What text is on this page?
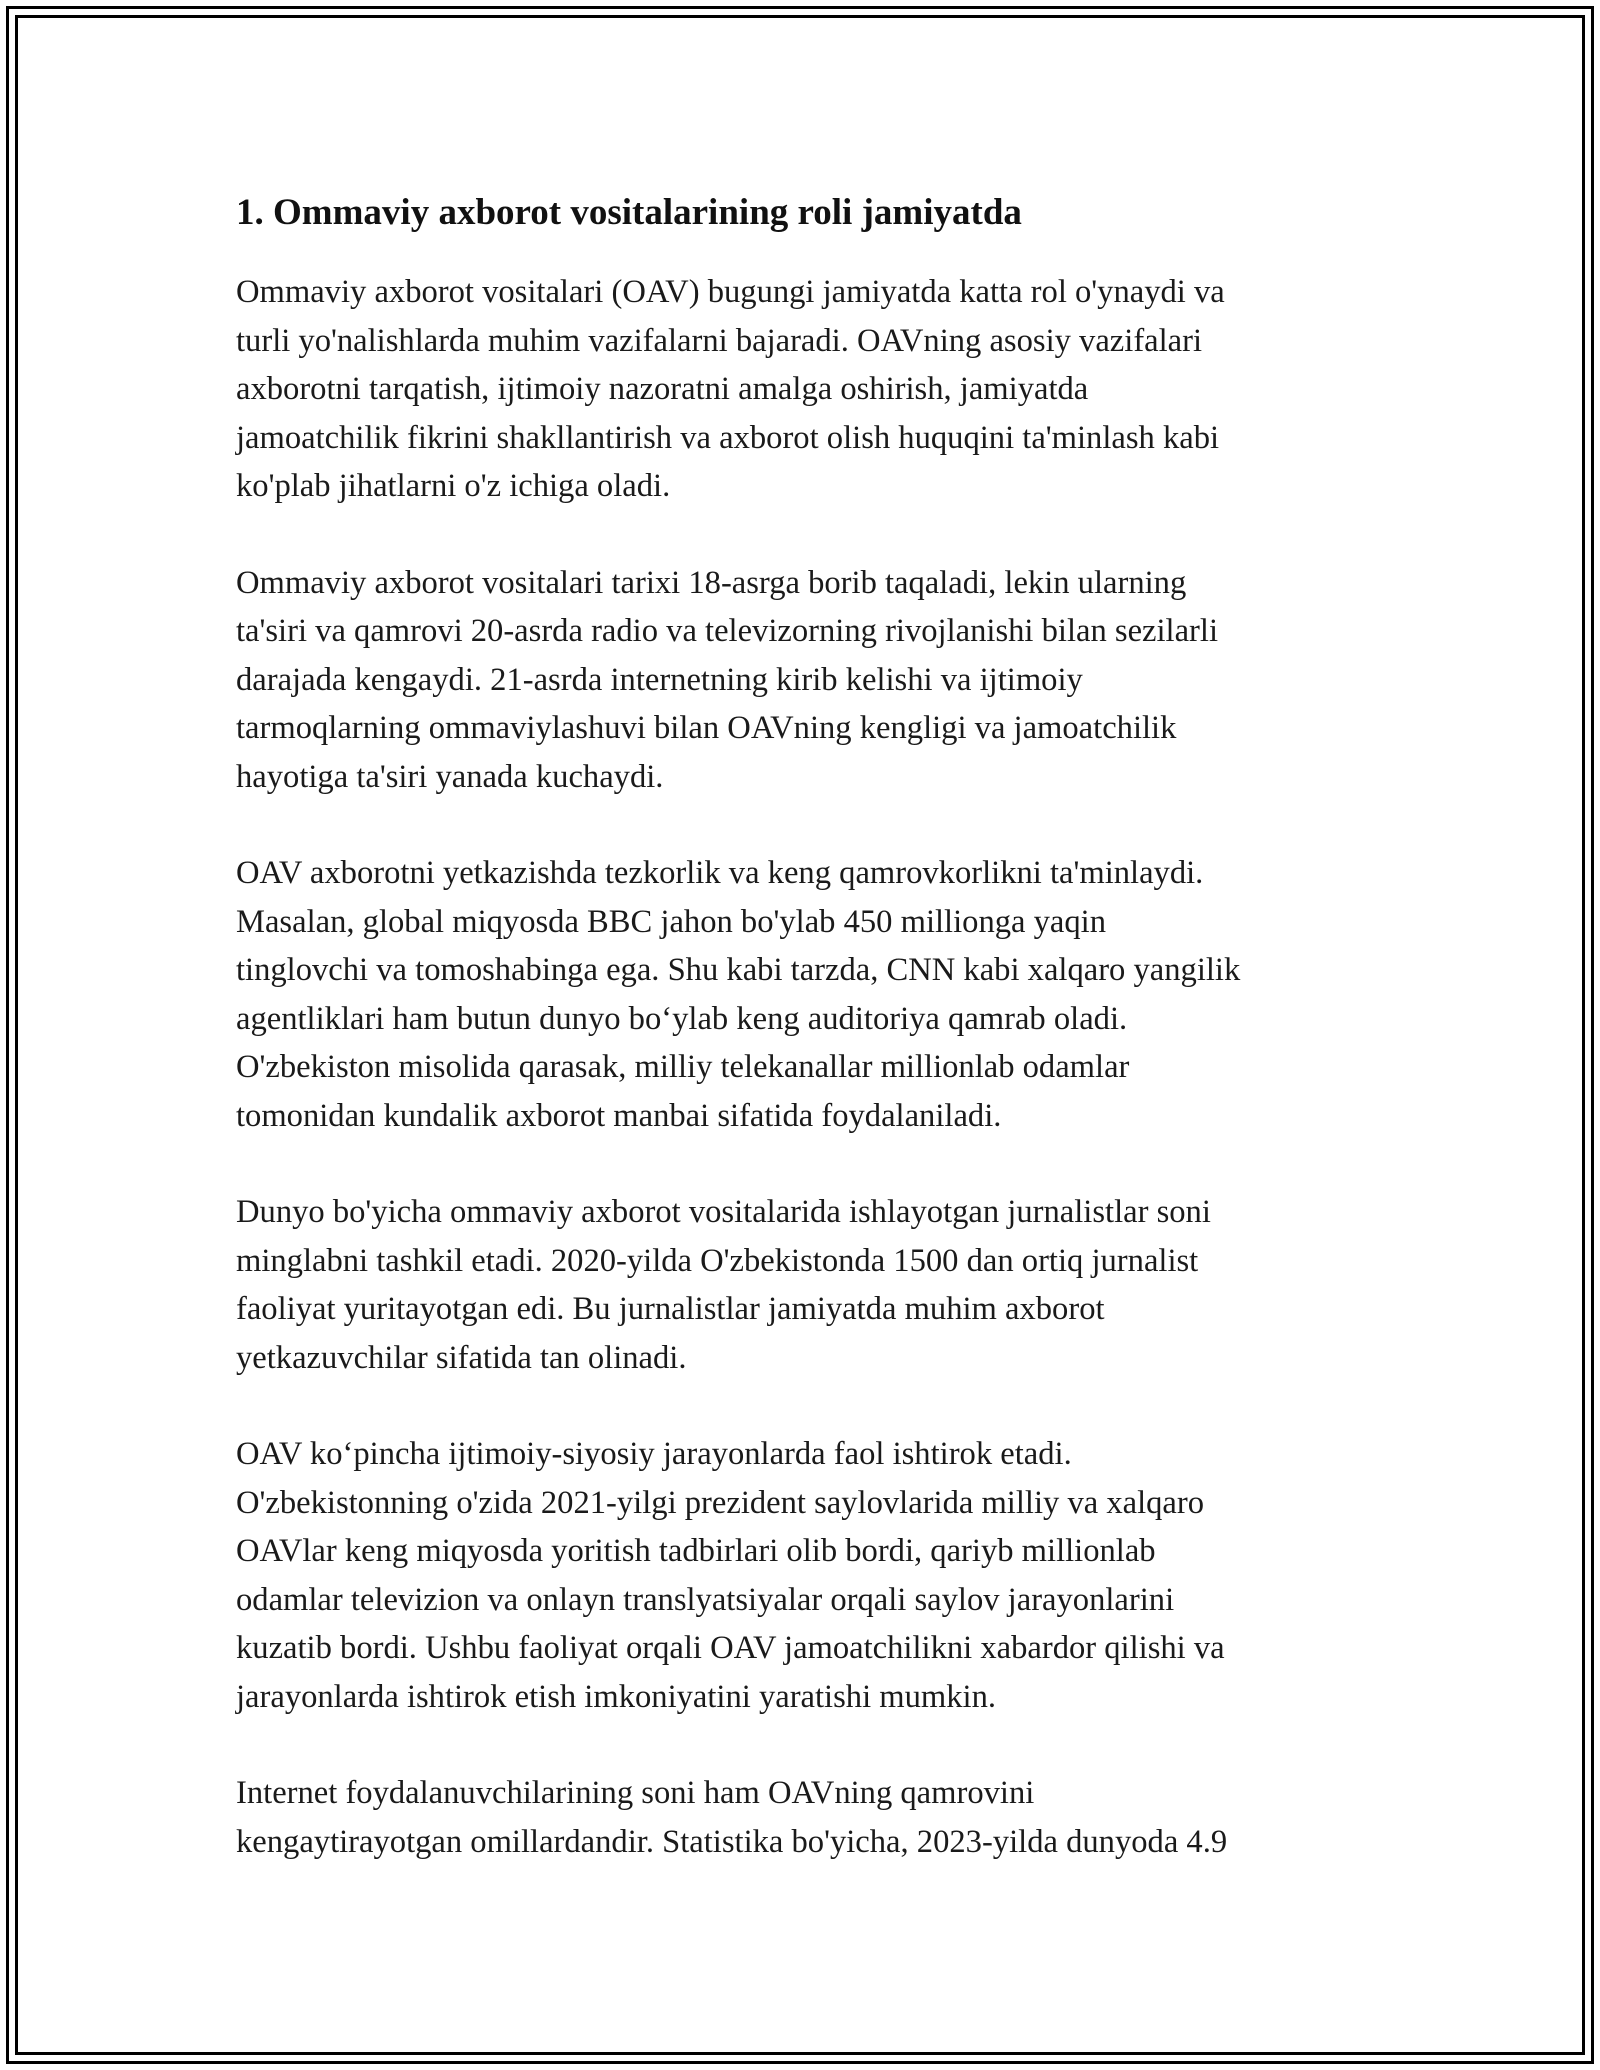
1. Ommaviy axborot vositalarining roli jamiyatda

Ommaviy axborot vositalari (OAV) bugungi jamiyatda katta rol o'ynaydi va
turli yo'nalishlarda muhim vazifalarni bajaradi. OAVning asosiy vazifalari
axborotni tarqatish, ijtimoiy nazoratni amalga oshirish, jamiyatda
jamoatchilik fikrini shakllantirish va axborot olish huquqini ta'minlash kabi
ko'plab jihatlarni o'z ichiga oladi.

Ommaviy axborot vositalari tarixi 18-asrga borib taqaladi, lekin ularning
ta'siri va qamrovi 20-asrda radio va televizorning rivojlanishi bilan sezilarli
darajada kengaydi. 21-asrda internetning kirib kelishi va ijtimoiy
tarmoqlarning ommaviylashuvi bilan OAVning kengligi va jamoatchilik
hayotiga ta'siri yanada kuchaydi.

OAV axborotni yetkazishda tezkorlik va keng qamrovkorlikni ta'minlaydi.
Masalan, global miqyosda BBC jahon bo'ylab 450 millionga yaqin
tinglovchi va tomoshabinga ega. Shu kabi tarzda, CNN kabi xalqaro yangilik
agentliklari ham butun dunyo bo‘ylab keng auditoriya qamrab oladi.
O'zbekiston misolida qarasak, milliy telekanallar millionlab odamlar
tomonidan kundalik axborot manbai sifatida foydalaniladi.

Dunyo bo'yicha ommaviy axborot vositalarida ishlayotgan jurnalistlar soni
minglabni tashkil etadi. 2020-yilda O'zbekistonda 1500 dan ortiq jurnalist
faoliyat yuritayotgan edi. Bu jurnalistlar jamiyatda muhim axborot
yetkazuvchilar sifatida tan olinadi.

OAV ko‘pincha ijtimoiy-siyosiy jarayonlarda faol ishtirok etadi.
O'zbekistonning o'zida 2021-yilgi prezident saylovlarida milliy va xalqaro
OAVlar keng miqyosda yoritish tadbirlari olib bordi, qariyb millionlab
odamlar televizion va onlayn translyatsiyalar orqali saylov jarayonlarini
kuzatib bordi. Ushbu faoliyat orqali OAV jamoatchilikni xabardor qilishi va
jarayonlarda ishtirok etish imkoniyatini yaratishi mumkin.

Internet foydalanuvchilarining soni ham OAVning qamrovini
kengaytirayotgan omillardandir. Statistika bo'yicha, 2023-yilda dunyoda 4.9
